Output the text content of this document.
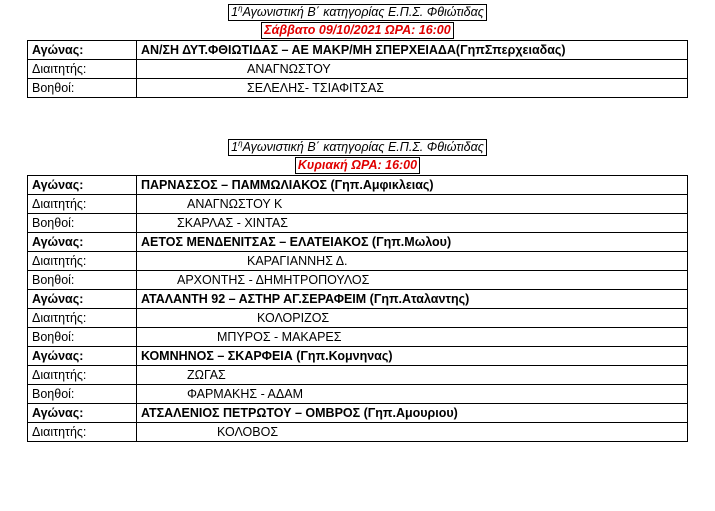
$1^\eta A\gamma\omega\nu\iota\sigma\tau\iota\kappa ή$ Β΄ κατηγορίας Ε.Π.Σ. Φθιώτιδας
Σάββατο 09/10/2021 ΩΡΑ: 16:00
Αγώνας:	ΑΝ/ΣΗ ΔΥΤ.ΦΘΙΩΤΙΔΑΣ – ΑΕ ΜΑΚΡ/ΜΗ ΣΠΕΡΧΕΙΑΔΑ(ΓηπΣπερχειαδας)
Διαιτητής:	ΑΝΑΓΝΩΣΤΟΥ
Βοηθοί:	ΣΕΛΕΛΗΣ- ΤΣΙΑΦΙΤΣΑΣ
$1^\eta A\gamma\omega\nu\iota\sigma\tau\iota\kappa ή$ Β΄ κατηγορίας Ε.Π.Σ. Φθιώτιδας
Κυριακή ΩΡΑ: 16:00
Αγώνας:	ΠΑΡΝΑΣΣΟΣ – ΠΑΜΜΩΛΙΑΚΟΣ (Γηπ.Αμφικλειας)
Διαιτητής:	ΑΝΑΓΝΩΣΤΟΥ Κ
Βοηθοί:	ΣΚΑΡΛΑΣ - ΧΙΝΤΑΣ
Αγώνας:	ΑΕΤΟΣ ΜΕΝΔΕΝΙΤΣΑΣ – ΕΛΑΤΕΙΑΚΟΣ (Γηπ.Μωλου)
Διαιτητής:	ΚΑΡΑΓΙΑΝΝΗΣ Δ.
Βοηθοί:	ΑΡΧΟΝΤΗΣ - ΔΗΜΗΤΡΟΠΟΥΛΟΣ
Αγώνας:	ΑΤΑΛΑΝΤΗ 92 – ΑΣΤΗΡ ΑΓ.ΣΕΡΑΦΕΙΜ (Γηπ.Αταλαντης)
Διαιτητής:	ΚΟΛΟΡΙΖΟΣ
Βοηθοί:	ΜΠΥΡΟΣ - ΜΑΚΑΡΕΣ
Αγώνας:	ΚΟΜΝΗΝΟΣ – ΣΚΑΡΦΕΙΑ (Γηπ.Κομνηνας)
Διαιτητής:	ΖΩΓΑΣ
Βοηθοί:	ΦΑΡΜΑΚΗΣ - ΑΔΑΜ
Αγώνας:	ΑΤΣΑΛΕΝΙΟΣ ΠΕΤΡΩΤΟΥ – ΟΜΒΡΟΣ (Γηπ.Αμουριου)
Διαιτητής:	ΚΟΛΟΒΟΣ
